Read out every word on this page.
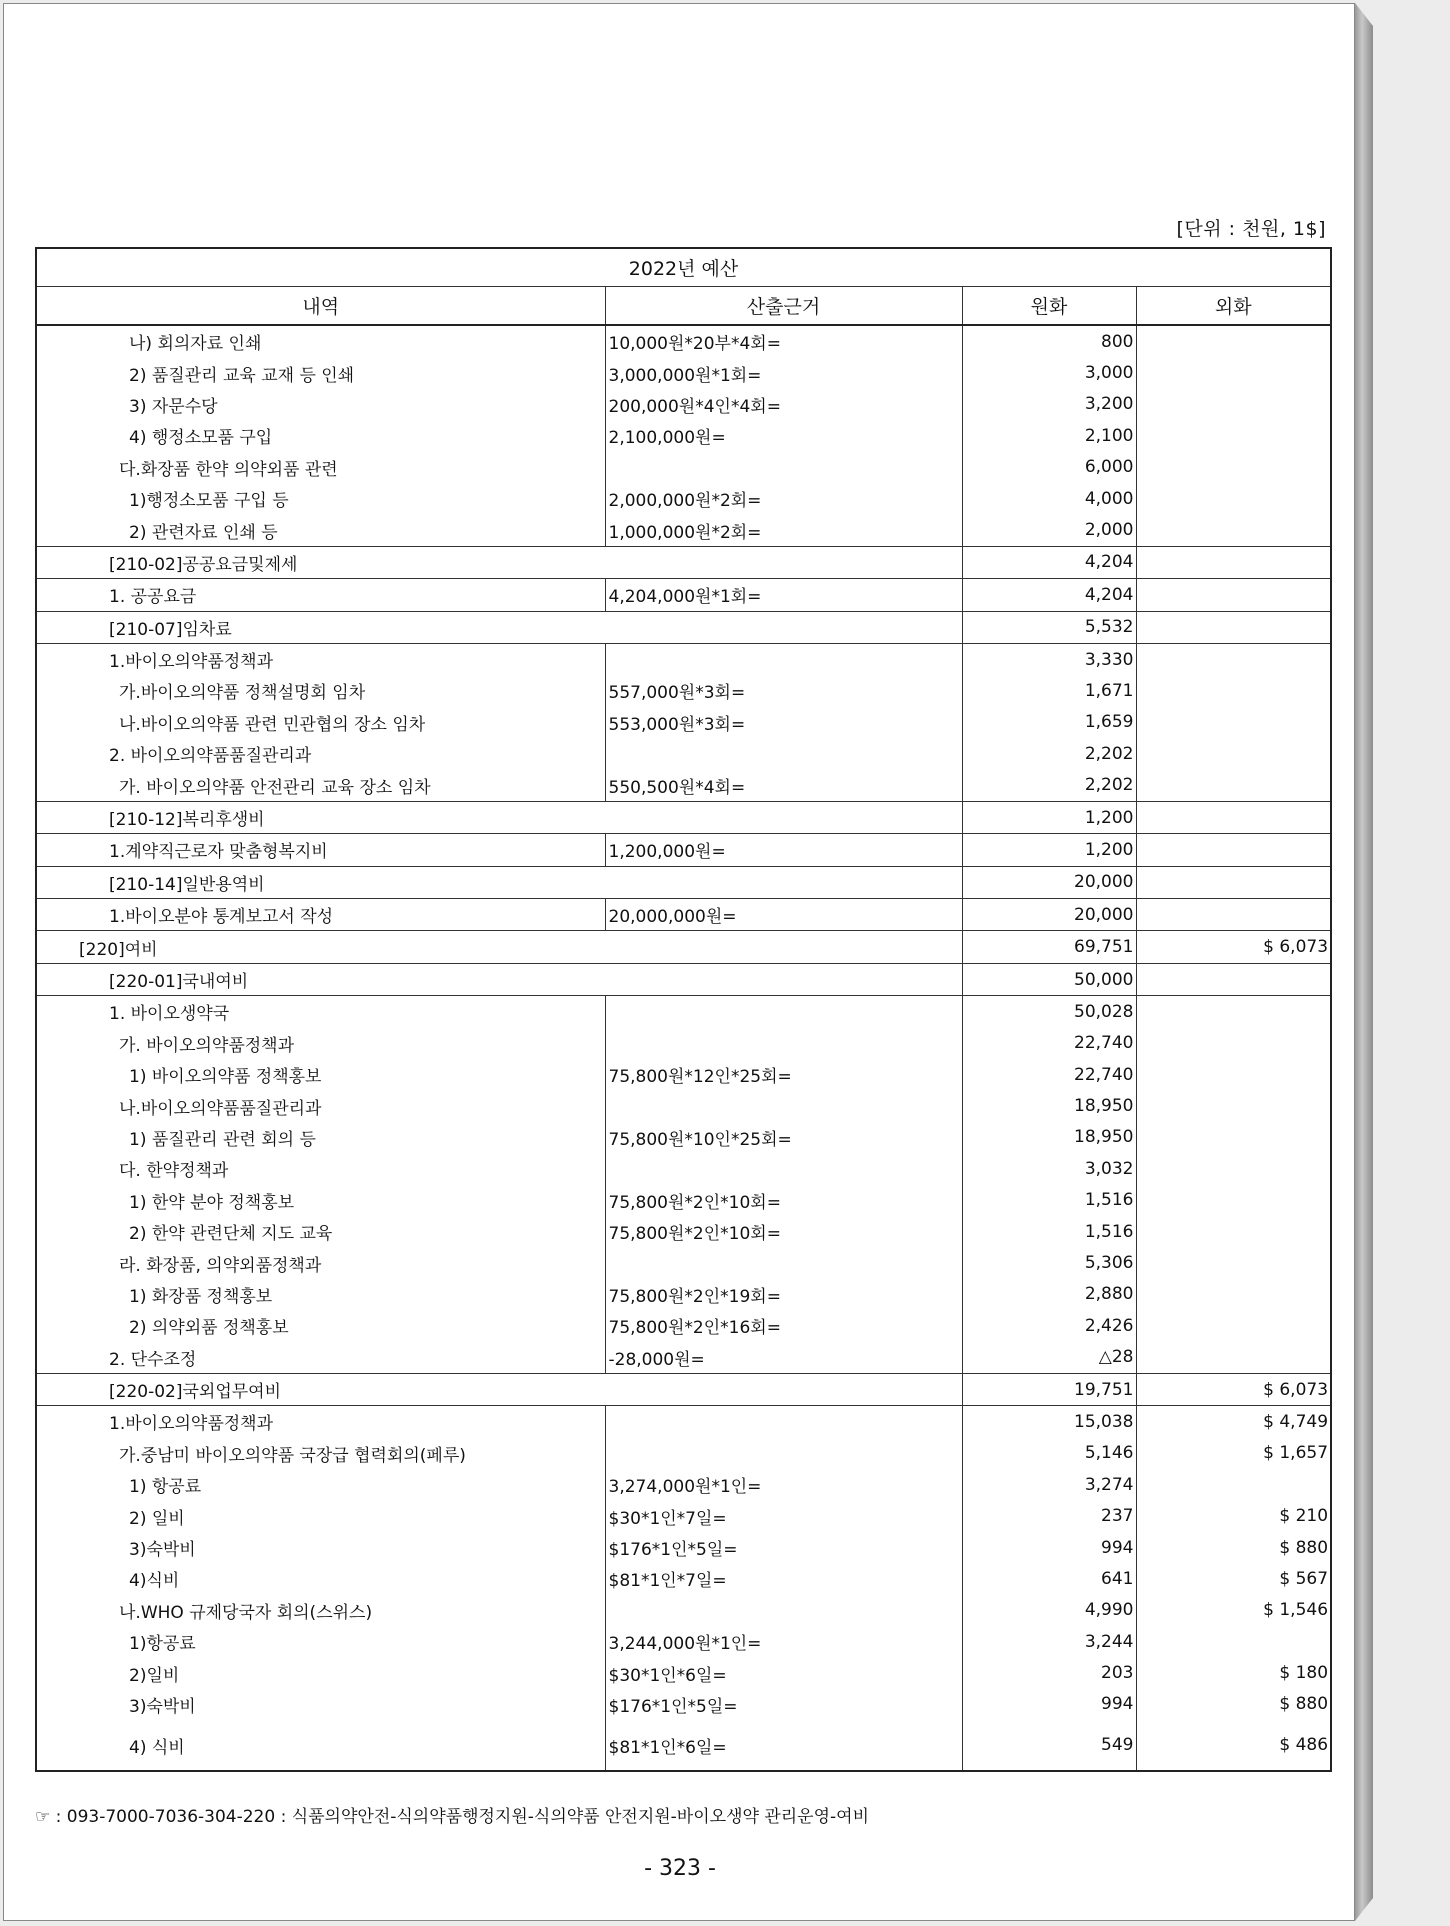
[단위 : 천원, 1$]
2022년 예산			
내역	산출근거	원화	외화
나) 회의자료 인쇄	10,000원*20부*4회=	800	
2) 품질관리 교육 교재 등 인쇄	3,000,000원*1회=	3,000	
3) 자문수당	200,000원*4인*4회=	3,200	
4) 행정소모품 구입	2,100,000원=	2,100	
다.화장품 한약 의약외품 관련		6,000	
1)행정소모품 구입 등	2,000,000원*2회=	4,000	
2) 관련자료 인쇄 등	1,000,000원*2회=	2,000	
[210-02]공공요금및제세		4,204	
1. 공공요금	4,204,000원*1회=	4,204	
[210-07]임차료		5,532	
1.바이오의약품정책과		3,330	
가.바이오의약품 정책설명회 임차	557,000원*3회=	1,671	
나.바이오의약품 관련 민관협의 장소 임차	553,000원*3회=	1,659	
2. 바이오의약품품질관리과		2,202	
가. 바이오의약품 안전관리 교육 장소 임차	550,500원*4회=	2,202	
[210-12]복리후생비		1,200	
1.계약직근로자 맞춤형복지비	1,200,000원=	1,200	
[210-14]일반용역비		20,000	
1.바이오분야 통계보고서 작성	20,000,000원=	20,000	
[220]여비		69,751	$ 6,073
[220-01]국내여비		50,000	
1. 바이오생약국		50,028	
가. 바이오의약품정책과		22,740	
1) 바이오의약품 정책홍보	75,800원*12인*25회=	22,740	
나.바이오의약품품질관리과		18,950	
1) 품질관리 관련 회의 등	75,800원*10인*25회=	18,950	
다. 한약정책과		3,032	
1) 한약 분야 정책홍보	75,800원*2인*10회=	1,516	
2) 한약 관련단체 지도 교육	75,800원*2인*10회=	1,516	
라. 화장품, 의약외품정책과		5,306	
1) 화장품 정책홍보	75,800원*2인*19회=	2,880	
2) 의약외품 정책홍보	75,800원*2인*16회=	2,426	
2. 단수조정	-28,000원=	△28	
[220-02]국외업무여비		19,751	$ 6,073
1.바이오의약품정책과		15,038	$ 4,749
가.중남미 바이오의약품 국장급 협력회의(페루)		5,146	$ 1,657
1) 항공료	3,274,000원*1인=	3,274	
2) 일비	$30*1인*7일=	237	$ 210
3)숙박비	$176*1인*5일=	994	$ 880
4)식비	$81*1인*7일=	641	$ 567
나.WHO 규제당국자 회의(스위스)		4,990	$ 1,546
1)항공료	3,244,000원*1인=	3,244	
2)일비	$30*1인*6일=	203	$ 180
3)숙박비	$176*1인*5일=	994	$ 880
4) 식비	$81*1인*6일=	549	$ 486
☞ : 093-7000-7036-304-220 : 식품의약안전-식의약품행정지원-식의약품 안전지원-바이오생약 관리운영-여비
- 323 -
